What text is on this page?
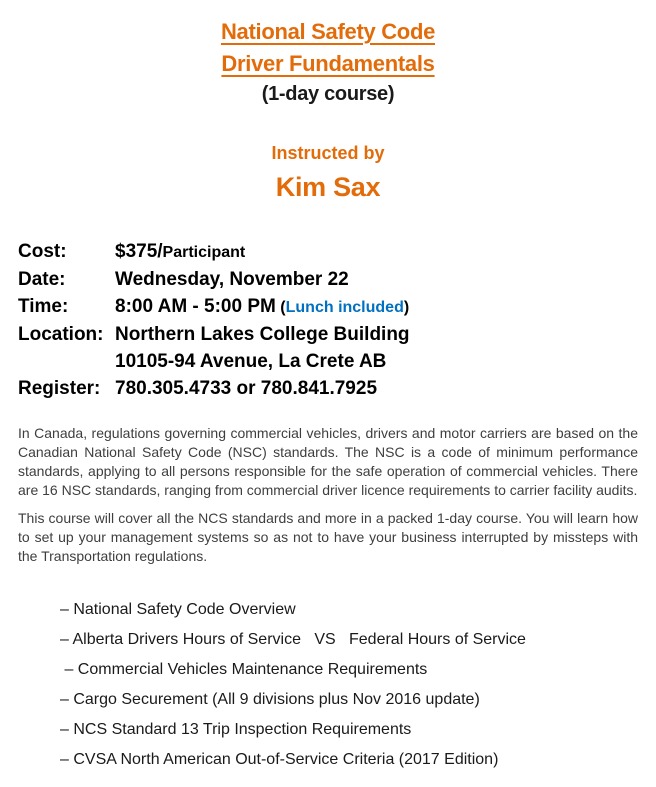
National Safety Code
Driver Fundamentals
(1-day course)
Instructed by
Kim Sax
Cost:	$375/Participant
Date:	Wednesday, November 22
Time:	8:00 AM - 5:00 PM (Lunch included)
Location: Northern Lakes College Building
10105-94 Avenue, La Crete AB
Register: 780.305.4733 or 780.841.7925

In Canada, regulations governing commercial vehicles, drivers and motor carriers are based on the Canadian National Safety Code (NSC) standards. The NSC is a code of minimum performance standards, applying to all persons responsible for the safe operation of commercial vehicles. There are 16 NSC standards, ranging from commercial driver licence requirements to carrier facility audits.

This course will cover all the NCS standards and more in a packed 1-day course. You will learn how to set up your management systems so as not to have your business interrupted by missteps with the Transportation regulations.

– National Safety Code Overview
– Alberta Drivers Hours of Service   VS   Federal Hours of Service
– Commercial Vehicles Maintenance Requirements
– Cargo Securement (All 9 divisions plus Nov 2016 update)
– NCS Standard 13 Trip Inspection Requirements
– CVSA North American Out-of-Service Criteria (2017 Edition)
